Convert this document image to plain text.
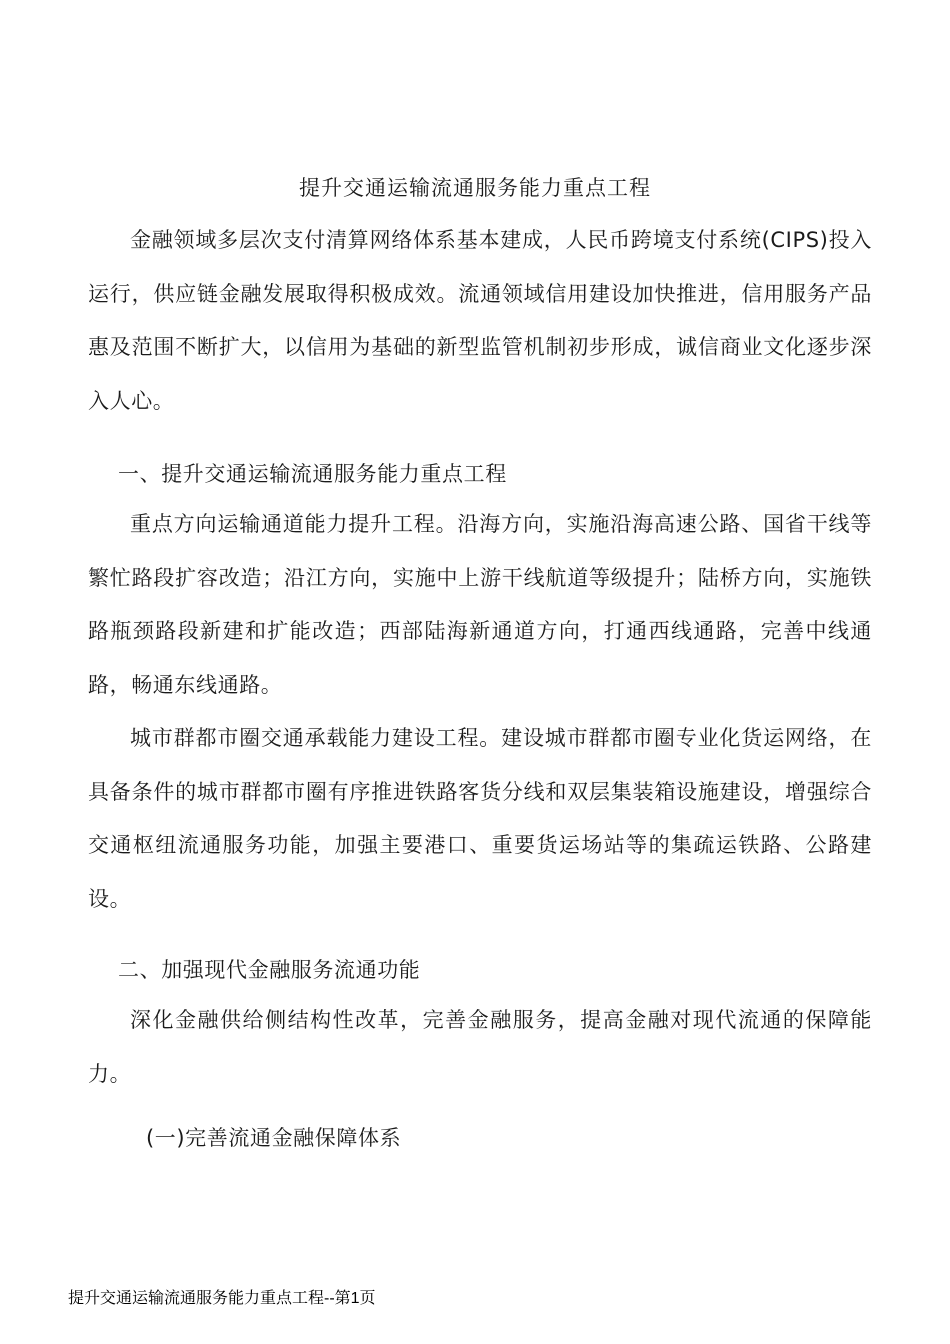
提升交通运输流通服务能力重点工程

金融领域多层次支付清算网络体系基本建成，人民币跨境支付系统(CIPS)投入运行，供应链金融发展取得积极成效。流通领域信用建设加快推进，信用服务产品惠及范围不断扩大，以信用为基础的新型监管机制初步形成，诚信商业文化逐步深入人心。

一、提升交通运输流通服务能力重点工程

重点方向运输通道能力提升工程。沿海方向，实施沿海高速公路、国省干线等繁忙路段扩容改造；沿江方向，实施中上游干线航道等级提升；陆桥方向，实施铁路瓶颈路段新建和扩能改造；西部陆海新通道方向，打通西线通路，完善中线通路，畅通东线通路。

城市群都市圈交通承载能力建设工程。建设城市群都市圈专业化货运网络，在具备条件的城市群都市圈有序推进铁路客货分线和双层集装箱设施建设，增强综合交通枢纽流通服务功能，加强主要港口、重要货运场站等的集疏运铁路、公路建设。

二、加强现代金融服务流通功能

深化金融供给侧结构性改革，完善金融服务，提高金融对现代流通的保障能力。

(一)完善流通金融保障体系

提升交通运输流通服务能力重点工程--第1页
